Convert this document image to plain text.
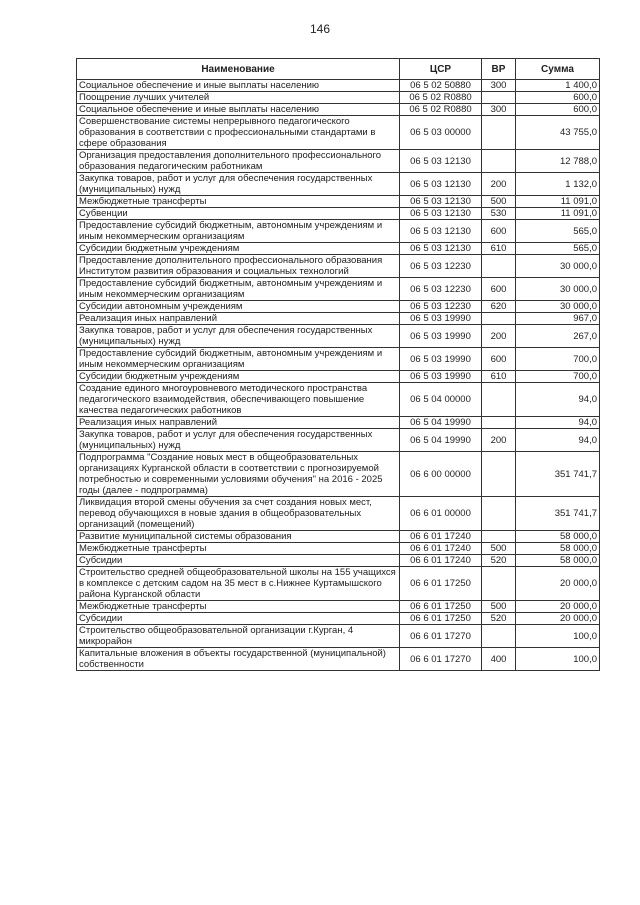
146
Наименование	ЦСР	ВР	Сумма
Социальное обеспечение и иные выплаты населению	06 5 02 50880	300	1 400,0
Поощрение лучших учителей	06 5 02 R0880		600,0
Социальное обеспечение и иные выплаты населению	06 5 02 R0880	300	600,0
Совершенствование системы непрерывного педагогического образования в соответствии с профессиональными стандартами в сфере образования	06 5 03 00000		43 755,0
Организация предоставления дополнительного профессионального образования педагогическим работникам	06 5 03 12130		12 788,0
Закупка товаров, работ и услуг для обеспечения государственных (муниципальных) нужд	06 5 03 12130	200	1 132,0
Межбюджетные трансферты	06 5 03 12130	500	11 091,0
Субвенции	06 5 03 12130	530	11 091,0
Предоставление субсидий бюджетным, автономным учреждениям и иным некоммерческим организациям	06 5 03 12130	600	565,0
Субсидии бюджетным учреждениям	06 5 03 12130	610	565,0
Предоставление дополнительного профессионального образования Институтом развития образования и социальных технологий	06 5 03 12230		30 000,0
Предоставление субсидий бюджетным, автономным учреждениям и иным некоммерческим организациям	06 5 03 12230	600	30 000,0
Субсидии автономным учреждениям	06 5 03 12230	620	30 000,0
Реализация иных направлений	06 5 03 19990		967,0
Закупка товаров, работ и услуг для обеспечения государственных (муниципальных) нужд	06 5 03 19990	200	267,0
Предоставление субсидий бюджетным, автономным учреждениям и иным некоммерческим организациям	06 5 03 19990	600	700,0
Субсидии бюджетным учреждениям	06 5 03 19990	610	700,0
Создание единого многоуровневого методического пространства педагогического взаимодействия, обеспечивающего повышение качества педагогических работников	06 5 04 00000		94,0
Реализация иных направлений	06 5 04 19990		94,0
Закупка товаров, работ и услуг для обеспечения государственных (муниципальных) нужд	06 5 04 19990	200	94,0
Подпрограмма "Создание новых мест в общеобразовательных организациях Курганской области в соответствии с прогнозируемой потребностью и современными условиями обучения" на 2016 - 2025 годы (далее - подпрограмма)	06 6 00 00000		351 741,7
Ликвидация второй смены обучения за счет создания новых мест, перевод обучающихся в новые здания в общеобразовательных организаций (помещений)	06 6 01 00000		351 741,7
Развитие муниципальной системы образования	06 6 01 17240		58 000,0
Межбюджетные трансферты	06 6 01 17240	500	58 000,0
Субсидии	06 6 01 17240	520	58 000,0
Строительство средней общеобразовательной школы на 155 учащихся в комплексе с детским садом на 35 мест в с.Нижнее Куртамышского района Курганской области	06 6 01 17250		20 000,0
Межбюджетные трансферты	06 6 01 17250	500	20 000,0
Субсидии	06 6 01 17250	520	20 000,0
Строительство общеобразовательной организации г.Курган, 4 микрорайон	06 6 01 17270		100,0
Капитальные вложения в объекты государственной (муниципальной) собственности	06 6 01 17270	400	100,0
